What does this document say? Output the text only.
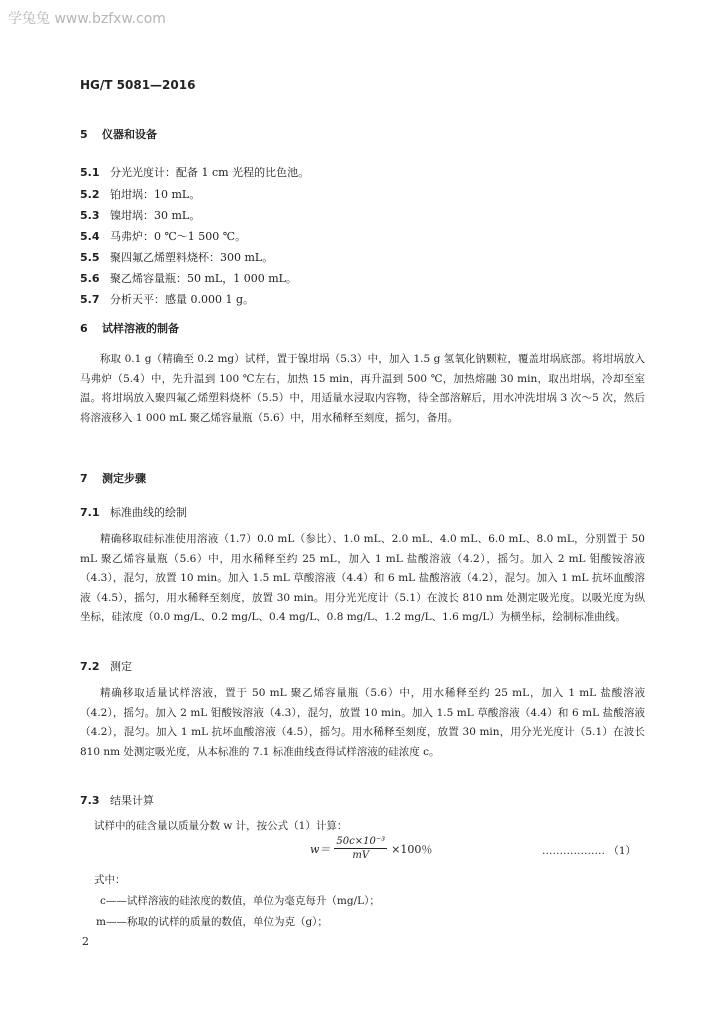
学兔兔 www.bzfxw.com
HG/T 5081—2016
5 仪器和设备
5.1 分光光度计：配备 1 cm 光程的比色池。
5.2 铂坩埚：10 mL。
5.3 镍坩埚：30 mL。
5.4 马弗炉：0 ℃～1 500 ℃。
5.5 聚四氟乙烯塑料烧杯：300 mL。
5.6 聚乙烯容量瓶：50 mL，1 000 mL。
5.7 分析天平：感量 0.000 1 g。
6 试样溶液的制备
称取 0.1 g（精确至 0.2 mg）试样，置于镍坩埚（5.3）中，加入 1.5 g 氢氧化钠颗粒，覆盖坩埚底部。将坩埚放入马弗炉（5.4）中，先升温到 100 ℃左右，加热 15 min，再升温到 500 ℃，加热熔融 30 min，取出坩埚，冷却至室温。将坩埚放入聚四氟乙烯塑料烧杯（5.5）中，用适量水浸取内容物，待全部溶解后，用水冲洗坩埚 3 次～5 次，然后将溶液移入 1 000 mL 聚乙烯容量瓶（5.6）中，用水稀释至刻度，摇匀，备用。
7 测定步骤
7.1 标准曲线的绘制
精确移取硅标准使用溶液（1.7）0.0 mL（参比）、1.0 mL、2.0 mL、4.0 mL、6.0 mL、8.0 mL，分别置于 50 mL 聚乙烯容量瓶（5.6）中，用水稀释至约 25 mL，加入 1 mL 盐酸溶液（4.2），摇匀。加入 2 mL 钼酸铵溶液（4.3），混匀，放置 10 min。加入 1.5 mL 草酸溶液（4.4）和 6 mL 盐酸溶液（4.2），混匀。加入 1 mL 抗坏血酸溶液（4.5），摇匀，用水稀释至刻度，放置 30 min。用分光光度计（5.1）在波长 810 nm 处测定吸光度。以吸光度为纵坐标，硅浓度（0.0 mg/L、0.2 mg/L、0.4 mg/L、0.8 mg/L、1.2 mg/L、1.6 mg/L）为横坐标，绘制标准曲线。
7.2 测定
精确移取适量试样溶液，置于 50 mL 聚乙烯容量瓶（5.6）中，用水稀释至约 25 mL，加入 1 mL 盐酸溶液（4.2），摇匀。加入 2 mL 钼酸铵溶液（4.3），混匀，放置 10 min。加入 1.5 mL 草酸溶液（4.4）和 6 mL 盐酸溶液（4.2），混匀。加入 1 mL 抗坏血酸溶液（4.5），摇匀。用水稀释至刻度，放置 30 min，用分光光度计（5.1）在波长 810 nm 处测定吸光度，从本标准的 7.1 标准曲线查得试样溶液的硅浓度 c。
7.3 结果计算
试样中的硅含量以质量分数 w 计，按公式（1）计算：
$w= \frac{\text{50c×10⁻³}}{mV} \times 100$％	……………… （1）
式中：
c——试样溶液的硅浓度的数值，单位为毫克每升（mg/L）；
m——称取的试样的质量的数值，单位为克（g）；
2
